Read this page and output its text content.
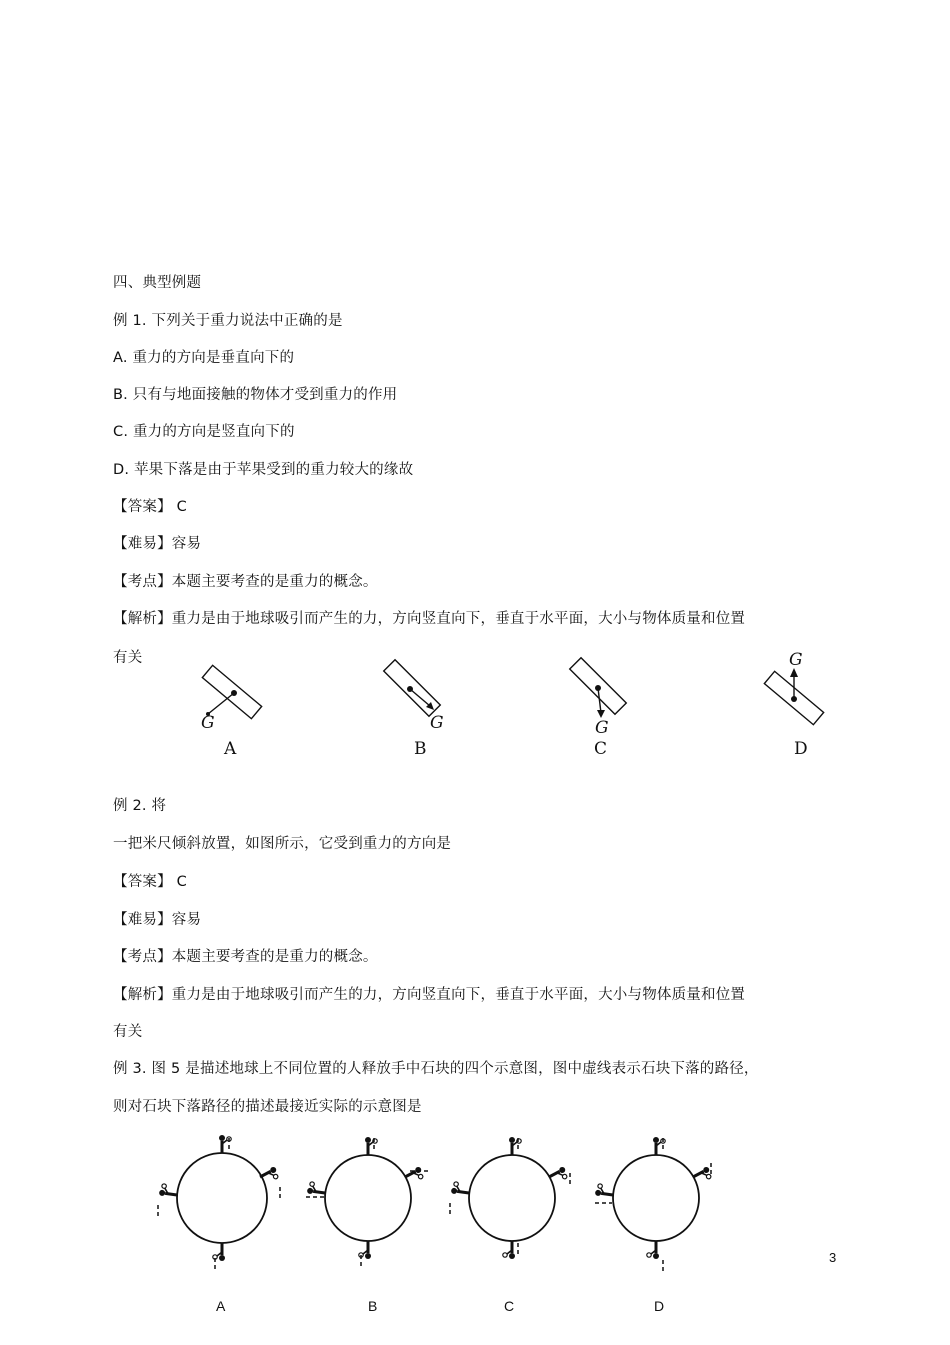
四、典型例题
例 1. 下列关于重力说法中正确的是
A. 重力的方向是垂直向下的
B. 只有与地面接触的物体才受到重力的作用
C. 重力的方向是竖直向下的
D. 苹果下落是由于苹果受到的重力较大的缘故
【答案】 C
【难易】容易
【考点】本题主要考查的是重力的概念。
【解析】重力是由于地球吸引而产生的力，方向竖直向下，垂直于水平面，大小与物体质量和位置
有关
G	G	G
G
A	B	C	D
例 2. 将
一把米尺倾斜放置，如图所示，它受到重力的方向是
【答案】 C
【难易】容易
【考点】本题主要考查的是重力的概念。
【解析】重力是由于地球吸引而产生的力，方向竖直向下，垂直于水平面，大小与物体质量和位置
有关
例 3. 图 5 是描述地球上不同位置的人释放手中石块的四个示意图，图中虚线表示石块下落的路径，
则对石块下落路径的描述最接近实际的示意图是
A	B	C	D
3
